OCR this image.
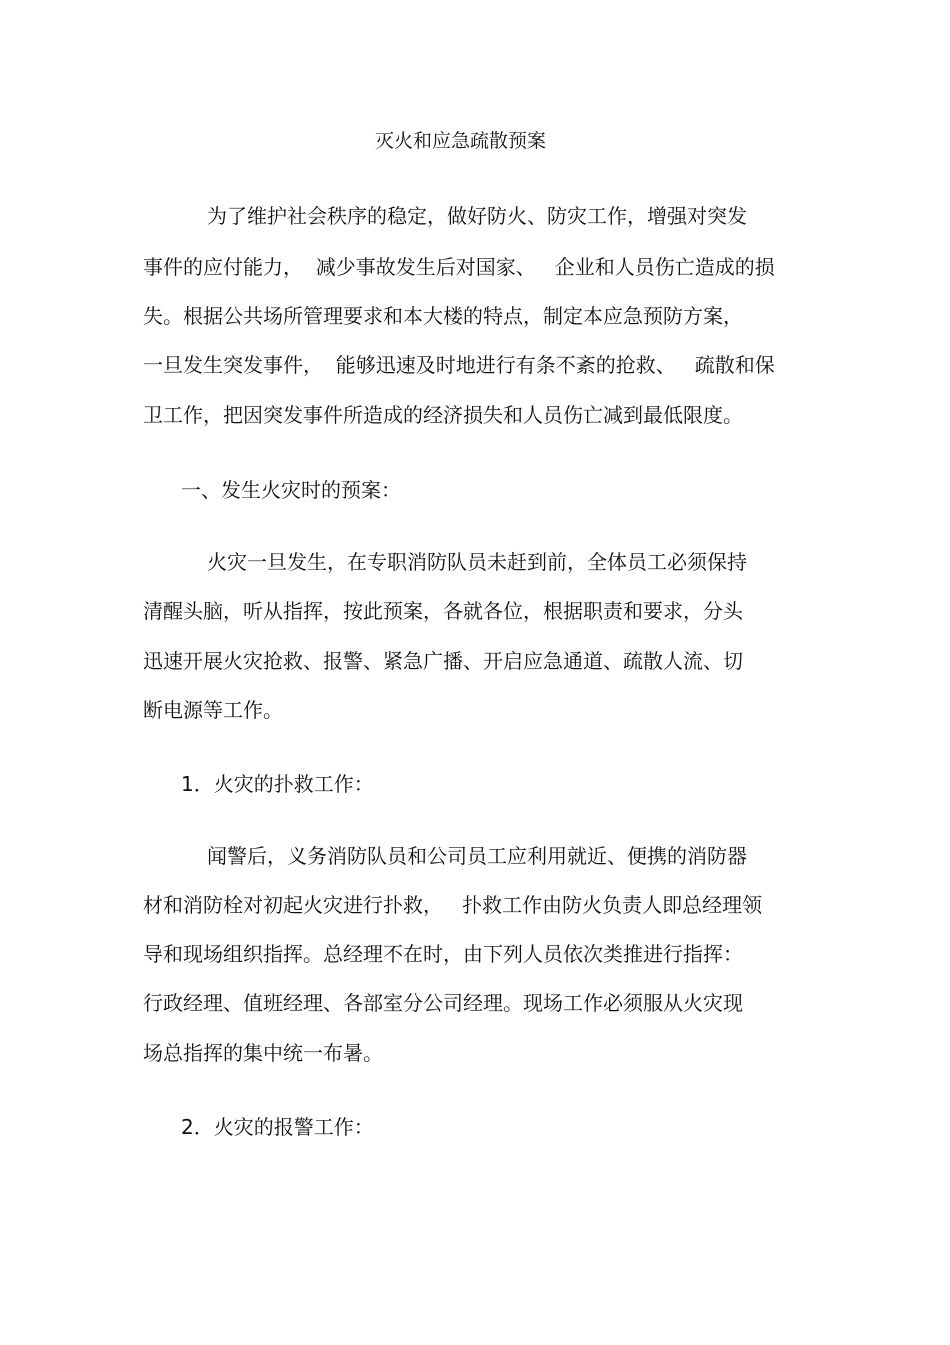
灭火和应急疏散预案

为了维护社会秩序的稳定，做好防火、防灾工作，增强对突发

事件的应付能力，  减少事故发生后对国家、   企业和人员伤亡造成的损

失。根据公共场所管理要求和本大楼的特点，制定本应急预防方案，

一旦发生突发事件，  能够迅速及时地进行有条不紊的抢救、   疏散和保

卫工作，把因突发事件所造成的经济损失和人员伤亡减到最低限度。

一、发生火灾时的预案：

火灾一旦发生，在专职消防队员未赶到前，全体员工必须保持

清醒头脑，听从指挥，按此预案，各就各位，根据职责和要求，分头

迅速开展火灾抢救、报警、紧急广播、开启应急通道、疏散人流、切

断电源等工作。

1．火灾的扑救工作：

闻警后，义务消防队员和公司员工应利用就近、便携的消防器

材和消防栓对初起火灾进行扑救，   扑救工作由防火负责人即总经理领

导和现场组织指挥。总经理不在时，由下列人员依次类推进行指挥：

行政经理、值班经理、各部室分公司经理。现场工作必须服从火灾现

场总指挥的集中统一布暑。

2．火灾的报警工作：
